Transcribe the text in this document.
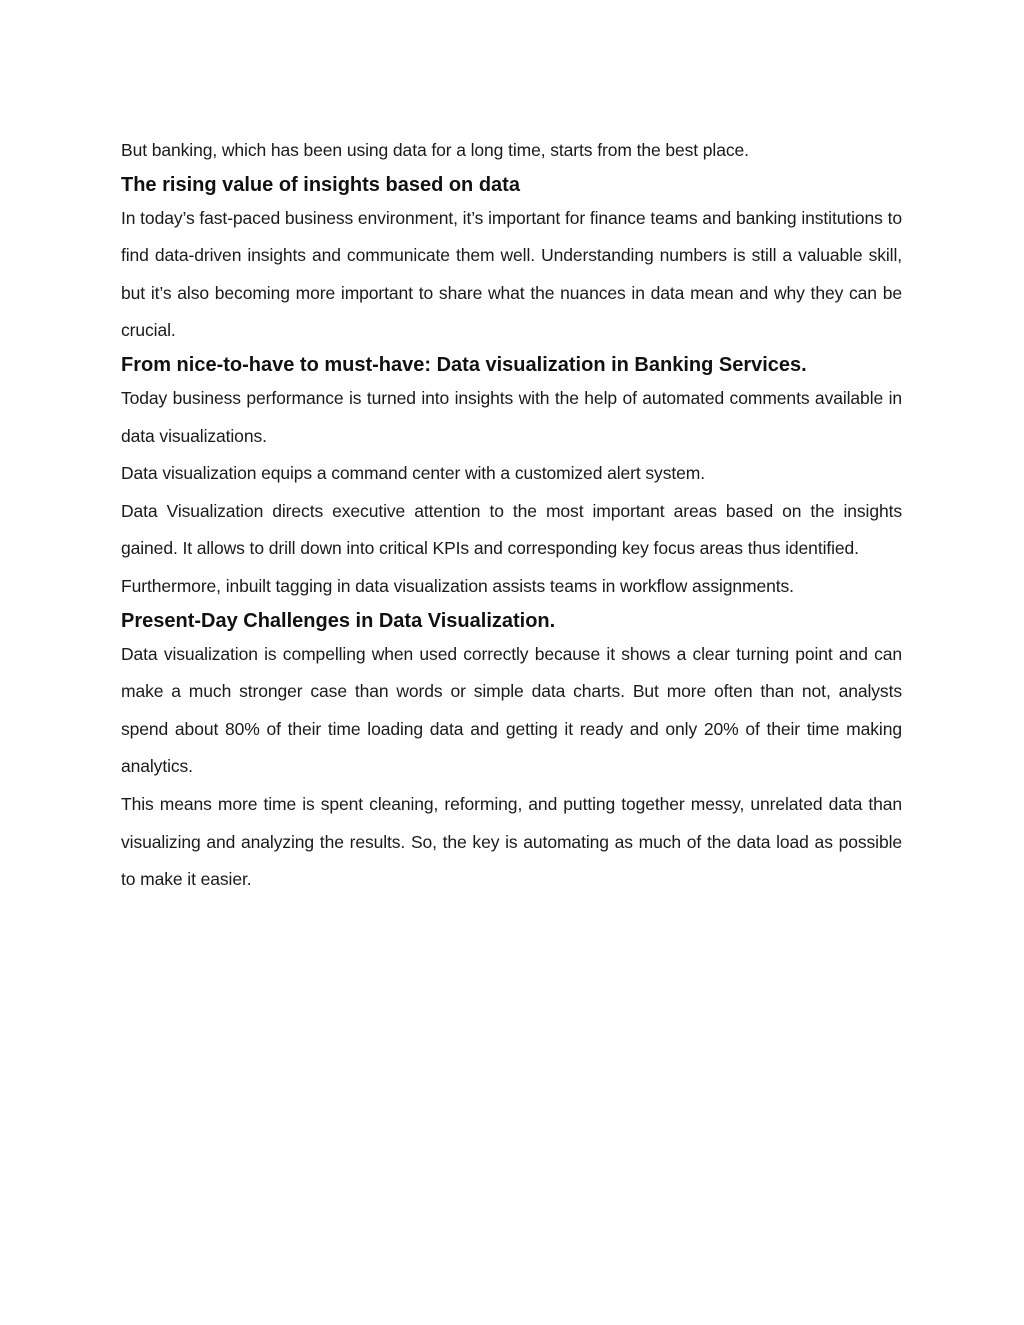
But banking, which has been using data for a long time, starts from the best place.

The rising value of insights based on data

In today’s fast-paced business environment, it’s important for finance teams and banking institutions to find data-driven insights and communicate them well. Understanding numbers is still a valuable skill, but it’s also becoming more important to share what the nuances in data mean and why they can be crucial.

From nice-to-have to must-have: Data visualization in Banking Services.

Today business performance is turned into insights with the help of automated comments available in data visualizations.

Data visualization equips a command center with a customized alert system.

Data Visualization directs executive attention to the most important areas based on the insights gained. It allows to drill down into critical KPIs and corresponding key focus areas thus identified.

Furthermore, inbuilt tagging in data visualization assists teams in workflow assignments.

Present-Day Challenges in Data Visualization.

Data visualization is compelling when used correctly because it shows a clear turning point and can make a much stronger case than words or simple data charts. But more often than not, analysts spend about 80% of their time loading data and getting it ready and only 20% of their time making analytics.

This means more time is spent cleaning, reforming, and putting together messy, unrelated data than visualizing and analyzing the results. So, the key is automating as much of the data load as possible to make it easier.
